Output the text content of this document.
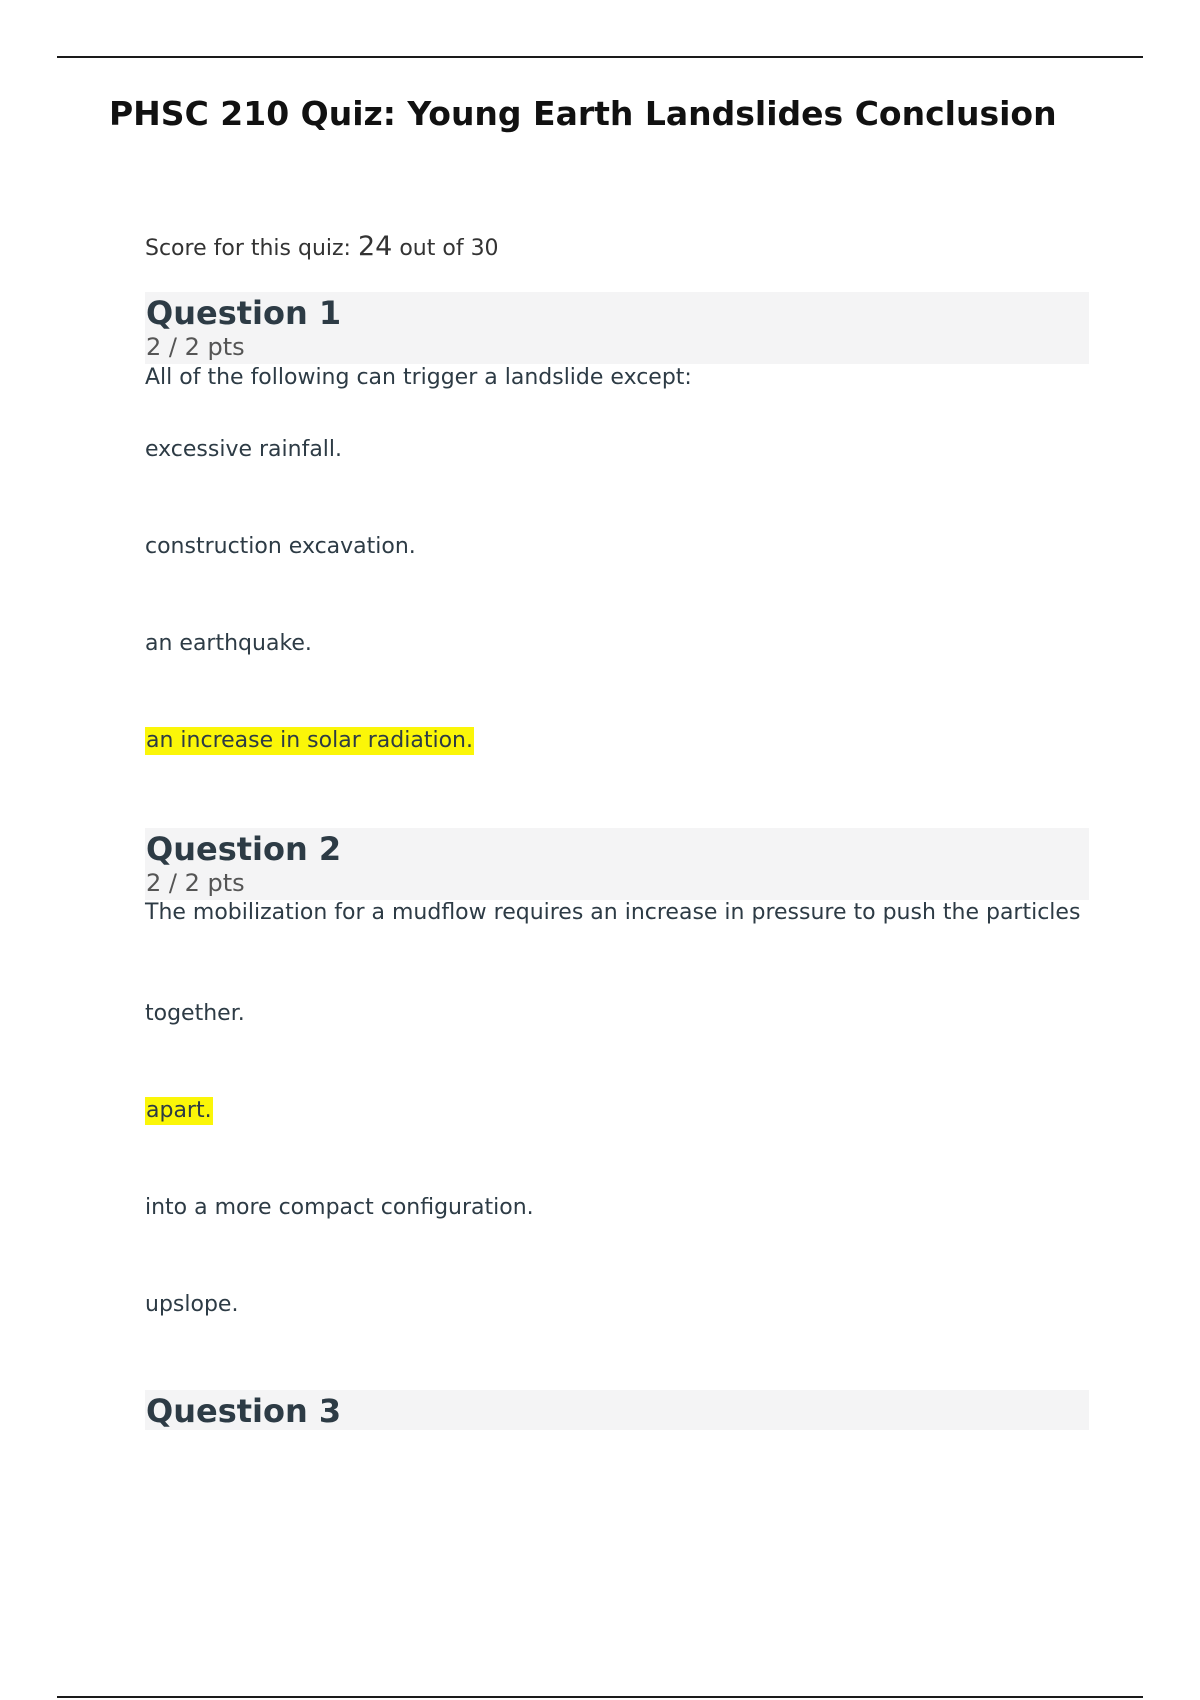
PHSC 210 Quiz: Young Earth Landslides Conclusion
Score for this quiz: 24 out of 30
Question 1
2 / 2 pts
All of the following can trigger a landslide except:
excessive rainfall.
construction excavation.
an earthquake.
an increase in solar radiation.
Question 2
2 / 2 pts
The mobilization for a mudflow requires an increase in pressure to push the particles
together.
apart.
into a more compact configuration.
upslope.
Question 3
